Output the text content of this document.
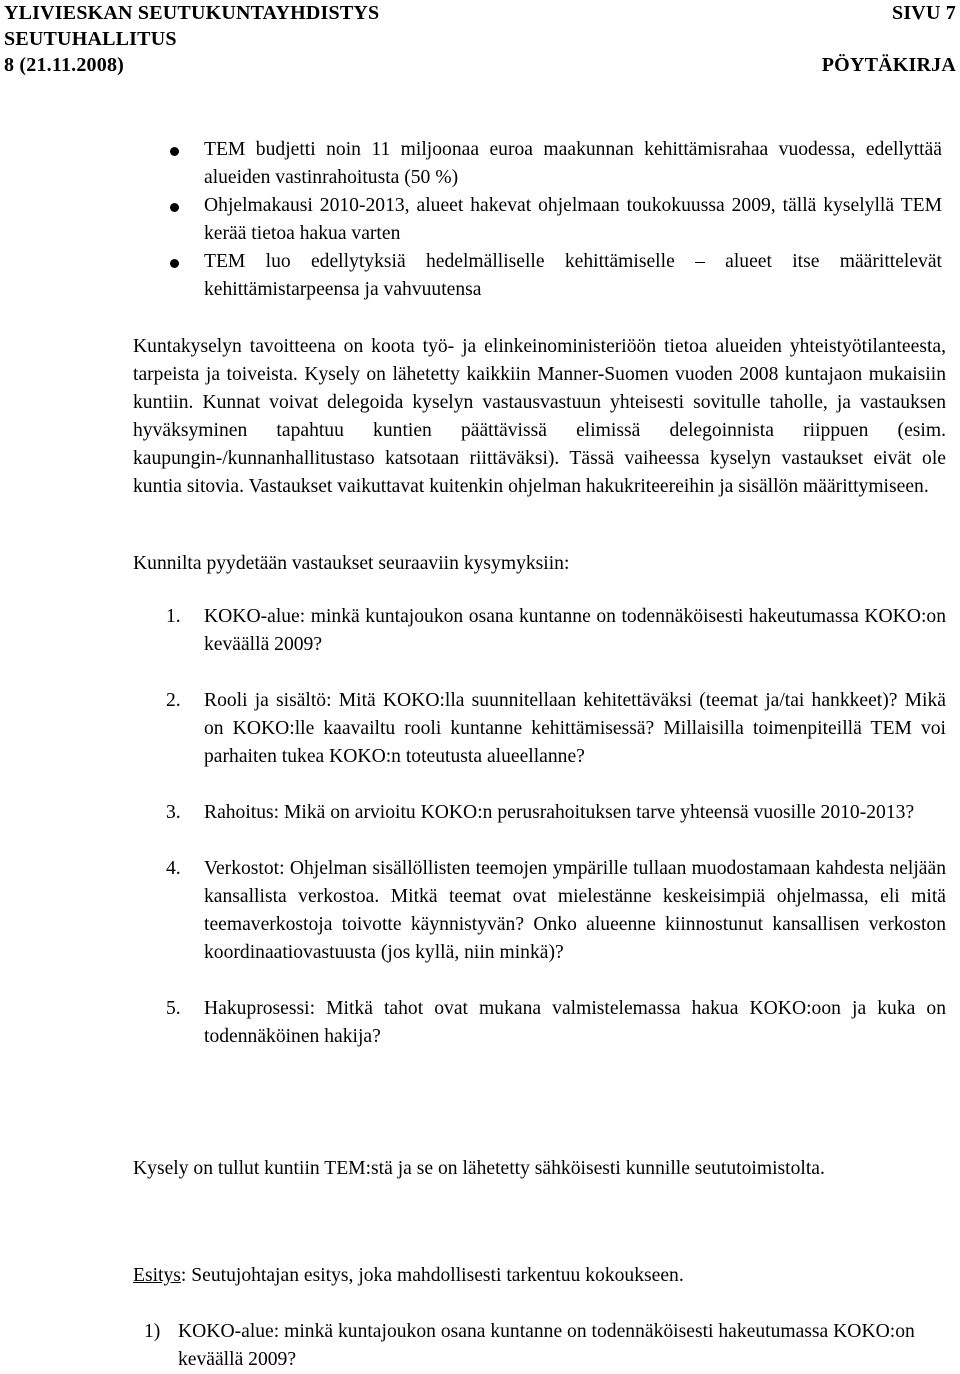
YLIVIESKAN SEUTUKUNTAYHDISTYS	SIVU 7
SEUTUHALLITUS
8 (21.11.2008)	PÖYTÄKIRJA
TEM budjetti noin 11 miljoonaa euroa maakunnan kehittämisrahaa vuodessa, edellyttää alueiden vastinrahoitusta (50 %)
Ohjelmakausi 2010-2013, alueet hakevat ohjelmaan toukokuussa 2009, tällä kyselyllä TEM kerää tietoa hakua varten
TEM luo edellytyksiä hedelmälliselle kehittämiselle – alueet itse määrittelevät kehittämistarpeensa ja vahvuutensa
Kuntakyselyn tavoitteena on koota työ- ja elinkeinoministeriöön tietoa alueiden yhteistyötilanteesta, tarpeista ja toiveista. Kysely on lähetetty kaikkiin Manner-Suomen vuoden 2008 kuntajaon mukaisiin kuntiin. Kunnat voivat delegoida kyselyn vastausvastuun yhteisesti sovitulle taholle, ja vastauksen hyväksyminen tapahtuu kuntien päättävissä elimissä delegoinnista riippuen (esim. kaupungin-/kunnanhallitustaso katsotaan riittäväksi). Tässä vaiheessa kyselyn vastaukset eivät ole kuntia sitovia. Vastaukset vaikuttavat kuitenkin ohjelman hakukriteereihin ja sisällön määrittymiseen.
Kunnilta pyydetään vastaukset seuraaviin kysymyksiin:
1. KOKO-alue: minkä kuntajoukon osana kuntanne on todennäköisesti hakeutumassa KOKO:on keväällä 2009?
2. Rooli ja sisältö: Mitä KOKO:lla suunnitellaan kehitettäväksi (teemat ja/tai hankkeet)? Mikä on KOKO:lle kaavailtu rooli kuntanne kehittämisessä? Millaisilla toimenpiteillä TEM voi parhaiten tukea KOKO:n toteutusta alueellanne?
3. Rahoitus: Mikä on arvioitu KOKO:n perusrahoituksen tarve yhteensä vuosille 2010-2013?
4. Verkostot: Ohjelman sisällöllisten teemojen ympärille tullaan muodostamaan kahdesta neljään kansallista verkostoa. Mitkä teemat ovat mielestänne keskeisimpiä ohjelmassa, eli mitä teemaverkostoja toivotte käynnistyvän? Onko alueenne kiinnostunut kansallisen verkoston koordinaatiovastuusta (jos kyllä, niin minkä)?
5. Hakuprosessi: Mitkä tahot ovat mukana valmistelemassa hakua KOKO:oon ja kuka on todennäköinen hakija?
Kysely on tullut kuntiin TEM:stä ja se on lähetetty sähköisesti kunnille seututoimistolta.
Esitys: Seutujohtajan esitys, joka mahdollisesti tarkentuu kokoukseen.
1) KOKO-alue: minkä kuntajoukon osana kuntanne on todennäköisesti hakeutumassa KOKO:on keväällä 2009?
